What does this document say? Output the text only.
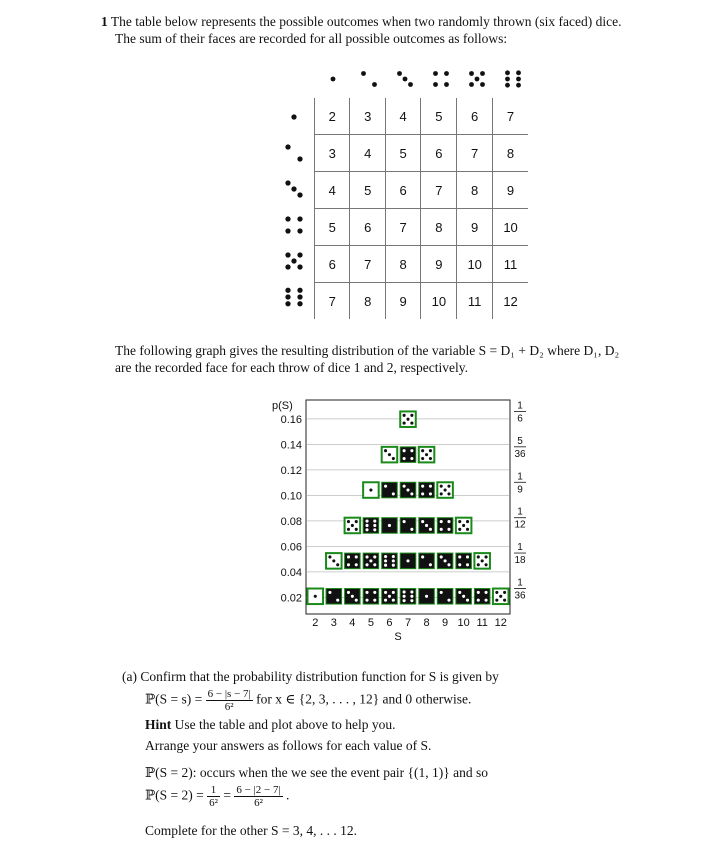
1 The table below represents the possible outcomes when two randomly thrown (six faced) dice.
The sum of their faces are recorded for all possible outcomes as follows:
2	3	4	5	6	7
3	4	5	6	7	8
4	5	6	7	8	9
5	6	7	8	9	10
6	7	8	9	10	11
7	8	9	10	11	12
The following graph gives the resulting distribution of the variable S = D₁ + D₂ where D₁, D₂
are the recorded face for each throw of dice 1 and 2, respectively.
p(S)
0.02
0.04
0.06
0.08
0.10
0.12
0.14
0.16
2 3 4 5 6 7 8 9 10 11 12
S
1
6
5
36
1
9
1
12
1
18
1
36
(a) Confirm that the probability distribution function for S is given by
ℙ(S = $s) = \frac{6 - |s - 7|}{\text{6²}}$ for x ∈ {2, 3, . . . , 12} and 0 otherwise.
Hint Use the table and plot above to help you.
Arrange your answers as follows for each value of S.
ℙ(S = 2): occurs when the we see the event pair {(1, 1)} and so
ℙ(S = $2) = \frac{1}{\text{6²}} = \frac{6 - |2 - 7|}{\text{6²}}$ .
Complete for the other S = 3, 4, . . . 12.
